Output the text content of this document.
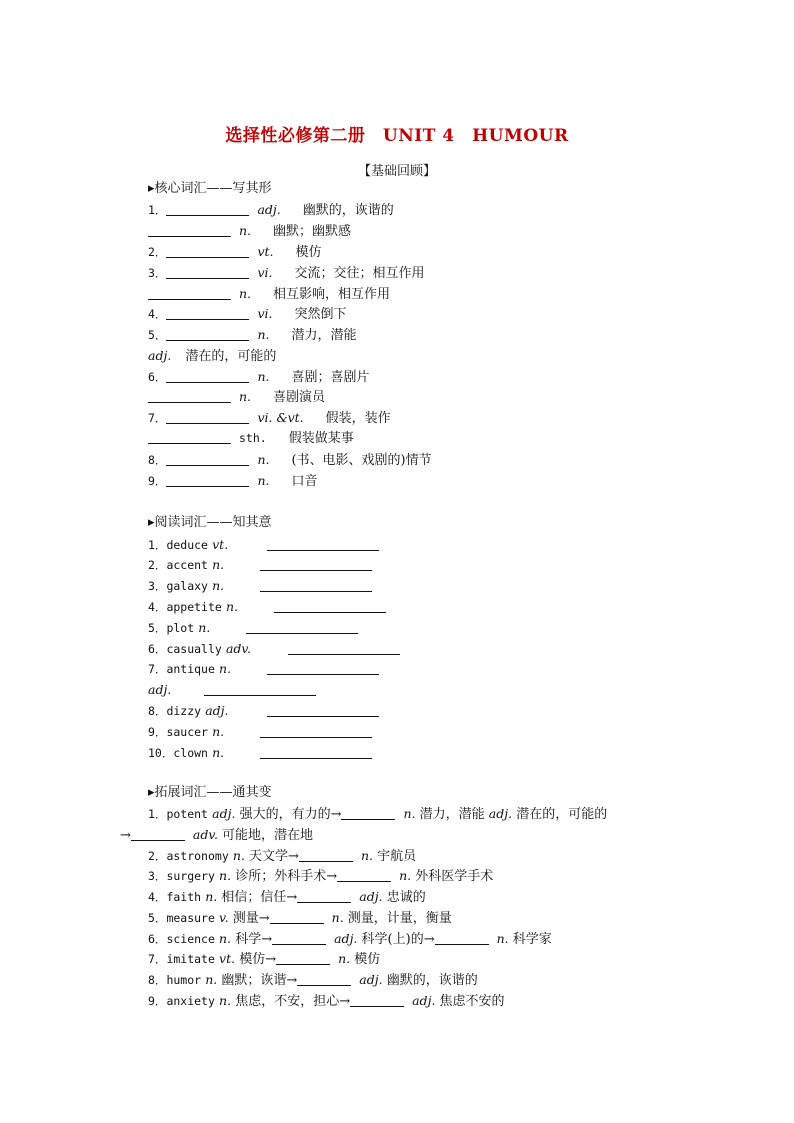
选择性必修第二册　UNIT 4　HUMOUR
【基础回顾】
▸核心词汇——写其形
1．	adj. 幽默的，诙谐的
n. 幽默；幽默感
2．	vt. 模仿
3．	vi. 交流；交往；相互作用
n. 相互影响，相互作用
4．	vi. 突然倒下
5．	n. 潜力，潜能
adj. 潜在的，可能的
6．	n. 喜剧；喜剧片
n. 喜剧演员
7．	vi. &vt. 假装，装作
sth. 假装做某事
8．	n. (书、电影、戏剧的)情节
9．	n. 口音
▸阅读词汇——知其意
1．deduce vt.
2．accent n.
3．galaxy n.
4．appetite n.
5．plot n.
6．casually adv.
7．antique n.
adj.
8．dizzy adj.
9．saucer n.
10．clown n.
▸拓展词汇——通其变
1．potent adj. 强大的，有力的→	n. 潜力，潜能 adj. 潜在的，可能的
→	adv. 可能地，潜在地
2．astronomy n. 天文学→	n. 宇航员
3．surgery n. 诊所；外科手术→	n. 外科医学手术
4．faith n. 相信；信任→	adj. 忠诚的
5．measure v. 测量→	n. 测量，计量，衡量
6．science n. 科学→	adj. 科学(上)的→	n. 科学家
7．imitate vt. 模仿→	n. 模仿
8．humor n. 幽默；诙谐→	adj. 幽默的，诙谐的
9．anxiety n. 焦虑，不安，担心→	adj. 焦虑不安的
